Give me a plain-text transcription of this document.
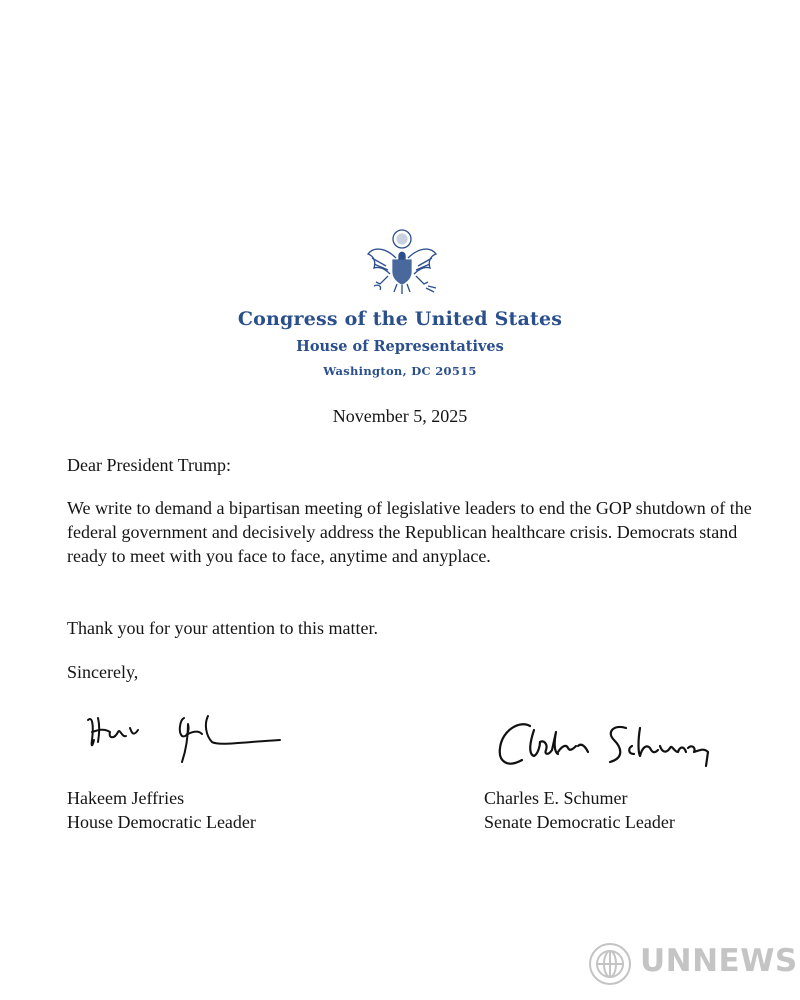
Congress of the United States
House of Representatives
Washington, DC 20515
November 5, 2025
Dear President Trump:

We write to demand a bipartisan meeting of legislative leaders to end the GOP shutdown of the federal government and decisively address the Republican healthcare crisis. Democrats stand ready to meet with you face to face, anytime and anyplace.

Thank you for your attention to this matter.
Sincerely,
Hakeem Jeffries
House Democratic Leader
Charles E. Schumer
Senate Democratic Leader
UNNEWS
